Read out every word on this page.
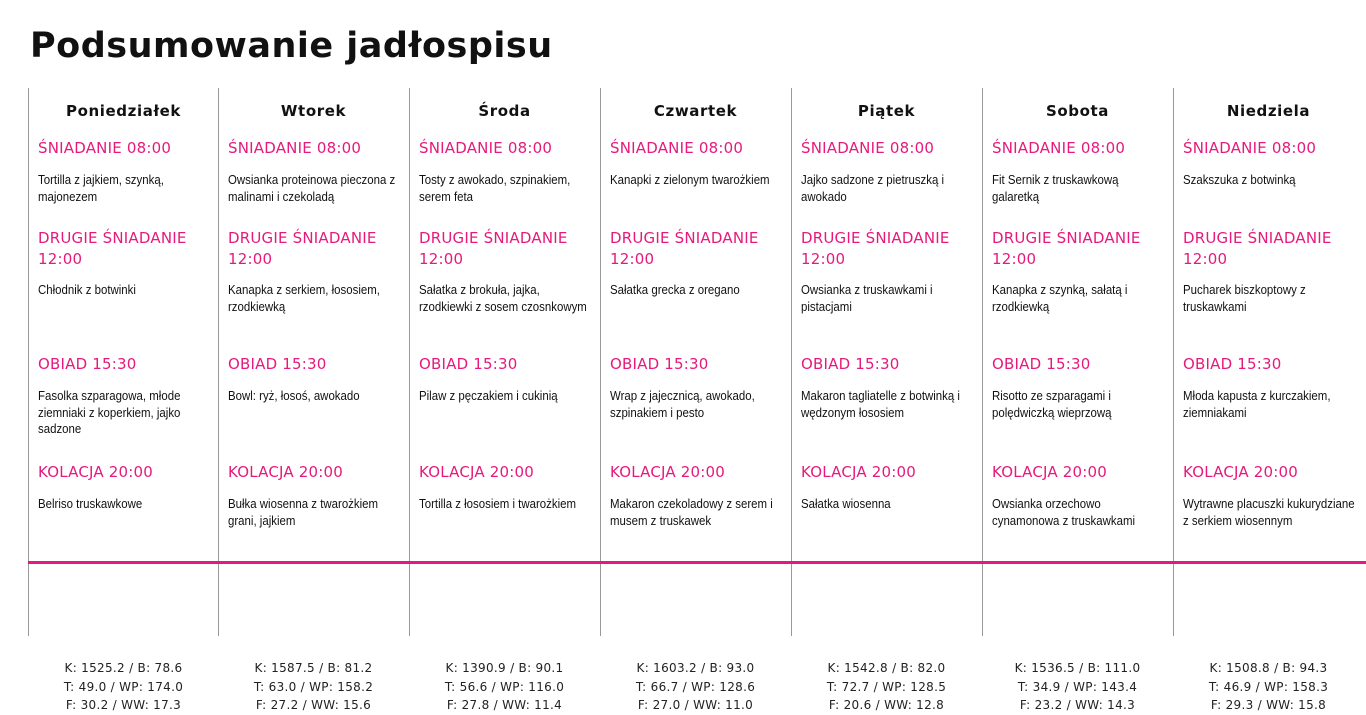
Podsumowanie jadłospisu
Poniedziałek
ŚNIADANIE 08:00
Tortilla z jajkiem, szynką, majonezem
DRUGIE ŚNIADANIE 12:00
Chłodnik z botwinki
OBIAD 15:30
Fasolka szparagowa, młode ziemniaki z koperkiem, jajko sadzone
KOLACJA 20:00
Belriso truskawkowe
K: 1525.2 / B: 78.6
T: 49.0 / WP: 174.0
F: 30.2 / WW: 17.3
Wtorek
ŚNIADANIE 08:00
Owsianka proteinowa pieczona z malinami i czekoladą
DRUGIE ŚNIADANIE 12:00
Kanapka z serkiem, łososiem, rzodkiewką
OBIAD 15:30
Bowl: ryż, łosoś, awokado
KOLACJA 20:00
Bułka wiosenna z twarożkiem grani, jajkiem
K: 1587.5 / B: 81.2
T: 63.0 / WP: 158.2
F: 27.2 / WW: 15.6
Środa
ŚNIADANIE 08:00
Tosty z awokado, szpinakiem, serem feta
DRUGIE ŚNIADANIE 12:00
Sałatka z brokuła, jajka, rzodkiewki z sosem czosnkowym
OBIAD 15:30
Pilaw z pęczakiem i cukinią
KOLACJA 20:00
Tortilla z łososiem i twarożkiem
K: 1390.9 / B: 90.1
T: 56.6 / WP: 116.0
F: 27.8 / WW: 11.4
Czwartek
ŚNIADANIE 08:00
Kanapki z zielonym twarożkiem
DRUGIE ŚNIADANIE 12:00
Sałatka grecka z oregano
OBIAD 15:30
Wrap z jajecznicą, awokado, szpinakiem i pesto
KOLACJA 20:00
Makaron czekoladowy z serem i musem z truskawek
K: 1603.2 / B: 93.0
T: 66.7 / WP: 128.6
F: 27.0 / WW: 11.0
Piątek
ŚNIADANIE 08:00
Jajko sadzone z pietruszką i awokado
DRUGIE ŚNIADANIE 12:00
Owsianka z truskawkami i pistacjami
OBIAD 15:30
Makaron tagliatelle z botwinką i wędzonym łososiem
KOLACJA 20:00
Sałatka wiosenna
K: 1542.8 / B: 82.0
T: 72.7 / WP: 128.5
F: 20.6 / WW: 12.8
Sobota
ŚNIADANIE 08:00
Fit Sernik z truskawkową galaretką
DRUGIE ŚNIADANIE 12:00
Kanapka z szynką, sałatą i rzodkiewką
OBIAD 15:30
Risotto ze szparagami i polędwiczką wieprzową
KOLACJA 20:00
Owsianka orzechowo cynamonowa z truskawkami
K: 1536.5 / B: 111.0
T: 34.9 / WP: 143.4
F: 23.2 / WW: 14.3
Niedziela
ŚNIADANIE 08:00
Szakszuka z botwinką
DRUGIE ŚNIADANIE 12:00
Pucharek biszkoptowy z truskawkami
OBIAD 15:30
Młoda kapusta z kurczakiem, ziemniakami
KOLACJA 20:00
Wytrawne placuszki kukurydziane z serkiem wiosennym
K: 1508.8 / B: 94.3
T: 46.9 / WP: 158.3
F: 29.3 / WW: 15.8
